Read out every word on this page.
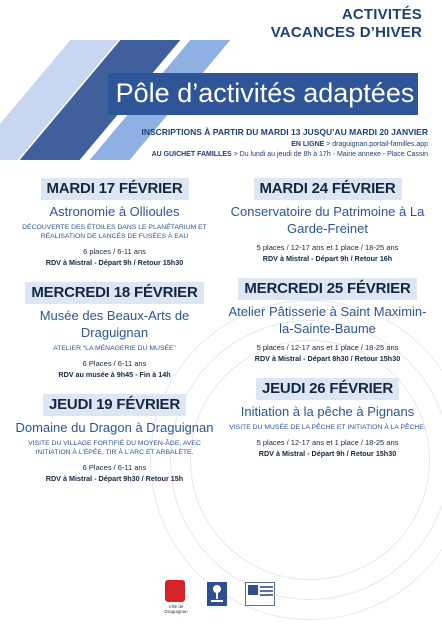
ACTIVITÉS
VACANCES D’HIVER
Pôle d’activités adaptées
INSCRIPTIONS À PARTIR DU MARDI 13 JUSQU’AU MARDI 20 JANVIER
EN LIGNE > draguignan.portail-familles.app
AU GUICHET FAMILLES > Du lundi au jeudi de 8h à 17h - Mairie annexe - Place Cassin
MARDI 17 FÉVRIER
Astronomie à Ollioules
DÉCOUVERTE DES ÉTOILES DANS LE PLANÉTARIUM ET RÉALISATION DE LANCÉS DE FUSÉES À EAU
6 places / 6-11 ans
RDV à Mistral - Départ 9h / Retour 15h30
MERCREDI 18 FÉVRIER
Musée des Beaux-Arts de Draguignan
ATELIER “LA MÉNAGERIE DU MUSÉE”
6 Places / 6-11 ans
RDV au musée à 9h45 - Fin à 14h
JEUDI 19 FÉVRIER
Domaine du Dragon à Draguignan
VISITE DU VILLAGE FORTIFIÉ DU MOYEN-ÂGE, AVEC INITIATION À L’ÉPÉE, TIR À L’ARC ET ARBALÈTE.
6 Places / 6-11 ans
RDV à Mistral - Départ 9h30 / Retour 15h
MARDI 24 FÉVRIER
Conservatoire du Patrimoine à La Garde-Freinet
5 places / 12-17 ans et 1 place / 18-25 ans
RDV à Mistral - Départ 9h / Retour 16h
MERCREDI 25 FÉVRIER
Atelier Pâtisserie à Saint Maximin-la-Sainte-Baume
5 places / 12-17 ans et 1 place / 18-25 ans
RDV à Mistral - Départ 8h30 / Retour 15h30
JEUDI 26 FÉVRIER
Initiation à la pêche à Pignans
VISITE DU MUSÉE DE LA PÊCHE ET INITIATION À LA PÊCHE.
5 places / 12-17 ans et 1 place / 18-25 ans
RDV à Mistral - Départ 9h / Retour 15h30
Ville de Draguignan
